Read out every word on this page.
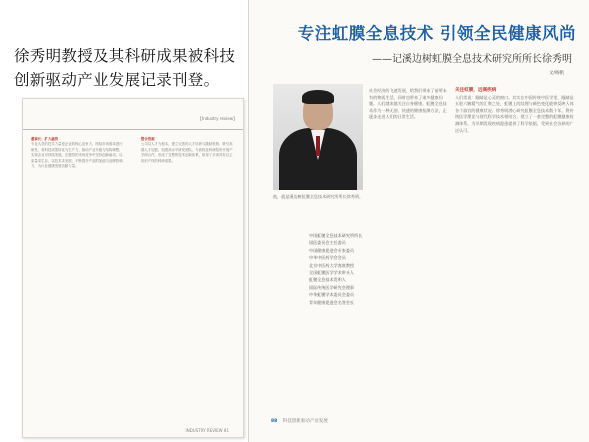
徐秀明教授及其科研成果被科技创新驱动产业发展记录刊登。
【Industry review】
董事长：扩大融资
专业人员的技术力量是企业的核心竞争力，围绕市场需求进行研发，将科技成果转化为生产力，推动产业升级与结构调整，实现企业可持续发展。在激烈的市场竞争中坚持创新驱动，以质量求生存，以技术求发展，不断提升产品附加值与品牌影响力，为行业健康发展贡献力量。
整合资源
公司以人才为根本，建立完善的人才培养与激励机制，吸引高端人才加盟，组建高水平研发团队，与高校及科研院所开展产学研合作，形成了完整的技术创新体系，取得了多项具有自主知识产权的科研成果。
INDUSTRY REVIEW 81
专注虹膜全息技术 引领全民健康风尚
——记溪边树虹膜全息技术研究所所长徐秀明
文/杨帆
社会经济的飞速发展，给我们带来了前所未有的物质生活，同时也带来了诸多健康问题。人们越来越关注自身健康，虹膜全息技术作为一种无创、快速的健康检测方法，正逐步走进人们的日常生活。
他，就是溪边树虹膜全息技术研究所所长徐秀明。
中国虹膜全息技术研究所所长
国医委员会主任委员
中国健康促进会专家委员
中华中医药学会会员
北京中医药大学客座教授
全国虹膜医学学术带头人
虹膜全息技术发明人
国际传统医学研究会理事
中华虹膜学术委员会委员
青年健康促进会名誉会长
关注虹膜，远离疾病
人们常说：眼睛是心灵的窗口。其实在中国传统中医学里，眼睛是五脏六腑精气的汇聚之处，虹膜上的纹理与颜色变化能够反映人体各个器官的健康状况。徐秀明潜心研究虹膜全息技术数十年，将传统医学理论与现代科学技术相结合，建立了一套完整的虹膜健康检测体系，为早期发现疾病隐患提供了科学依据，受到社会各界的广泛认可。
88 科技创新驱动产业发展
